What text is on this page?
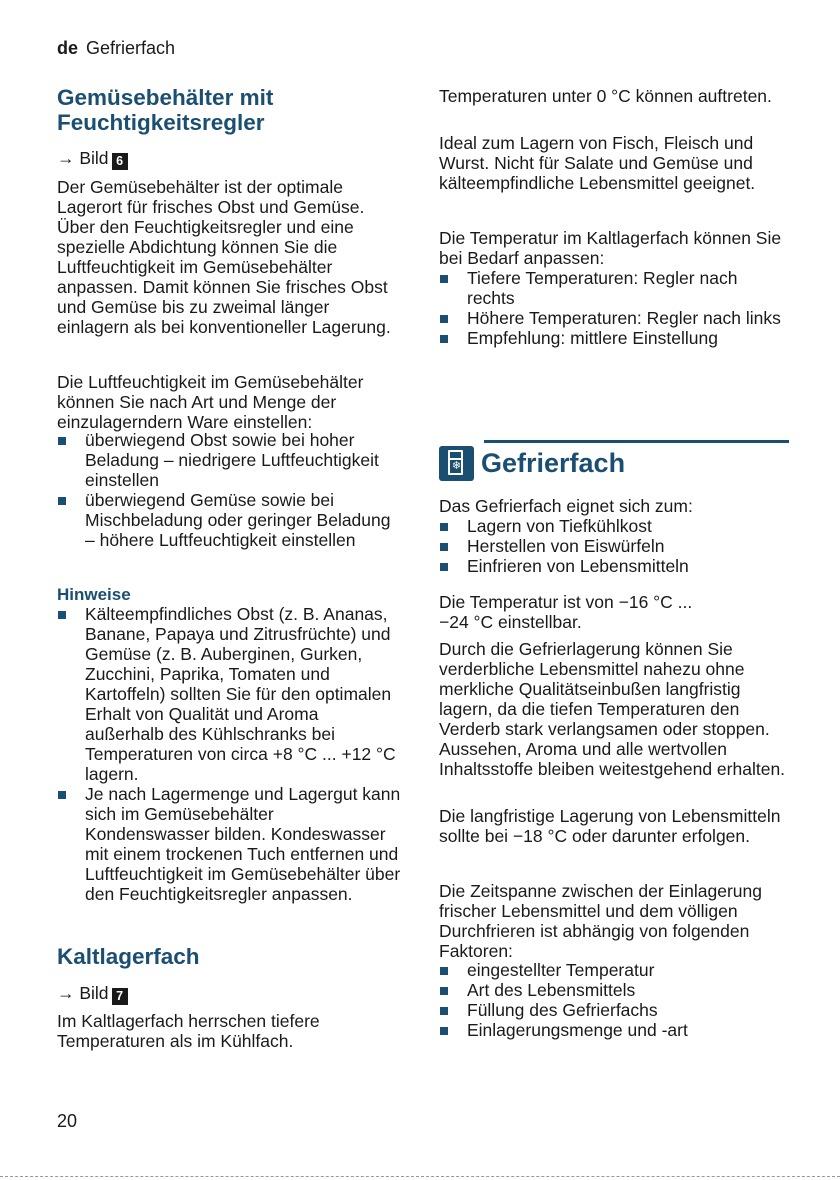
de Gefrierfach
Gemüsebehälter mit Feuchtigkeitsregler
→ Bild 6

Der Gemüsebehälter ist der optimale Lagerort für frisches Obst und Gemüse. Über den Feuchtigkeitsregler und eine spezielle Abdichtung können Sie die Luftfeuchtigkeit im Gemüsebehälter anpassen. Damit können Sie frisches Obst und Gemüse bis zu zweimal länger einlagern als bei konventioneller Lagerung.

Die Luftfeuchtigkeit im Gemüsebehälter können Sie nach Art und Menge der einzulagerndern Ware einstellen:

überwiegend Obst sowie bei hoher Beladung – niedrigere Luftfeuchtigkeit einstellen
überwiegend Gemüse sowie bei Mischbeladung oder geringer Beladung – höhere Luftfeuchtigkeit einstellen
Hinweise
Kälteempfindliches Obst (z. B. Ananas, Banane, Papaya und Zitrusfrüchte) und Gemüse (z. B. Auberginen, Gurken, Zucchini, Paprika, Tomaten und Kartoffeln) sollten Sie für den optimalen Erhalt von Qualität und Aroma außerhalb des Kühlschranks bei Temperaturen von circa +8 °C ... +12 °C lagern.
Je nach Lagermenge und Lagergut kann sich im Gemüsebehälter Kondenswasser bilden. Kondeswasser mit einem trockenen Tuch entfernen und Luftfeuchtigkeit im Gemüsebehälter über den Feuchtigkeitsregler anpassen.
Kaltlagerfach
→ Bild 7

Im Kaltlagerfach herrschen tiefere Temperaturen als im Kühlfach.

Temperaturen unter 0 °C können auftreten.

Ideal zum Lagern von Fisch, Fleisch und Wurst. Nicht für Salate und Gemüse und kälteempfindliche Lebensmittel geeignet.

Die Temperatur im Kaltlagerfach können Sie bei Bedarf anpassen:

Tiefere Temperaturen: Regler nach rechts
Höhere Temperaturen: Regler nach links
Empfehlung: mittlere Einstellung
❄ Gefrierfach

Das Gefrierfach eignet sich zum:

Lagern von Tiefkühlkost
Herstellen von Eiswürfeln
Einfrieren von Lebensmitteln

Die Temperatur ist von −16 °C ... −24 °C einstellbar.

Durch die Gefrierlagerung können Sie verderbliche Lebensmittel nahezu ohne merkliche Qualitätseinbußen langfristig lagern, da die tiefen Temperaturen den Verderb stark verlangsamen oder stoppen. Aussehen, Aroma und alle wertvollen Inhaltsstoffe bleiben weitestgehend erhalten.

Die langfristige Lagerung von Lebensmitteln sollte bei −18 °C oder darunter erfolgen.

Die Zeitspanne zwischen der Einlagerung frischer Lebensmittel und dem völligen Durchfrieren ist abhängig von folgenden Faktoren:

eingestellter Temperatur
Art des Lebensmittels
Füllung des Gefrierfachs
Einlagerungsmenge und -art
20
